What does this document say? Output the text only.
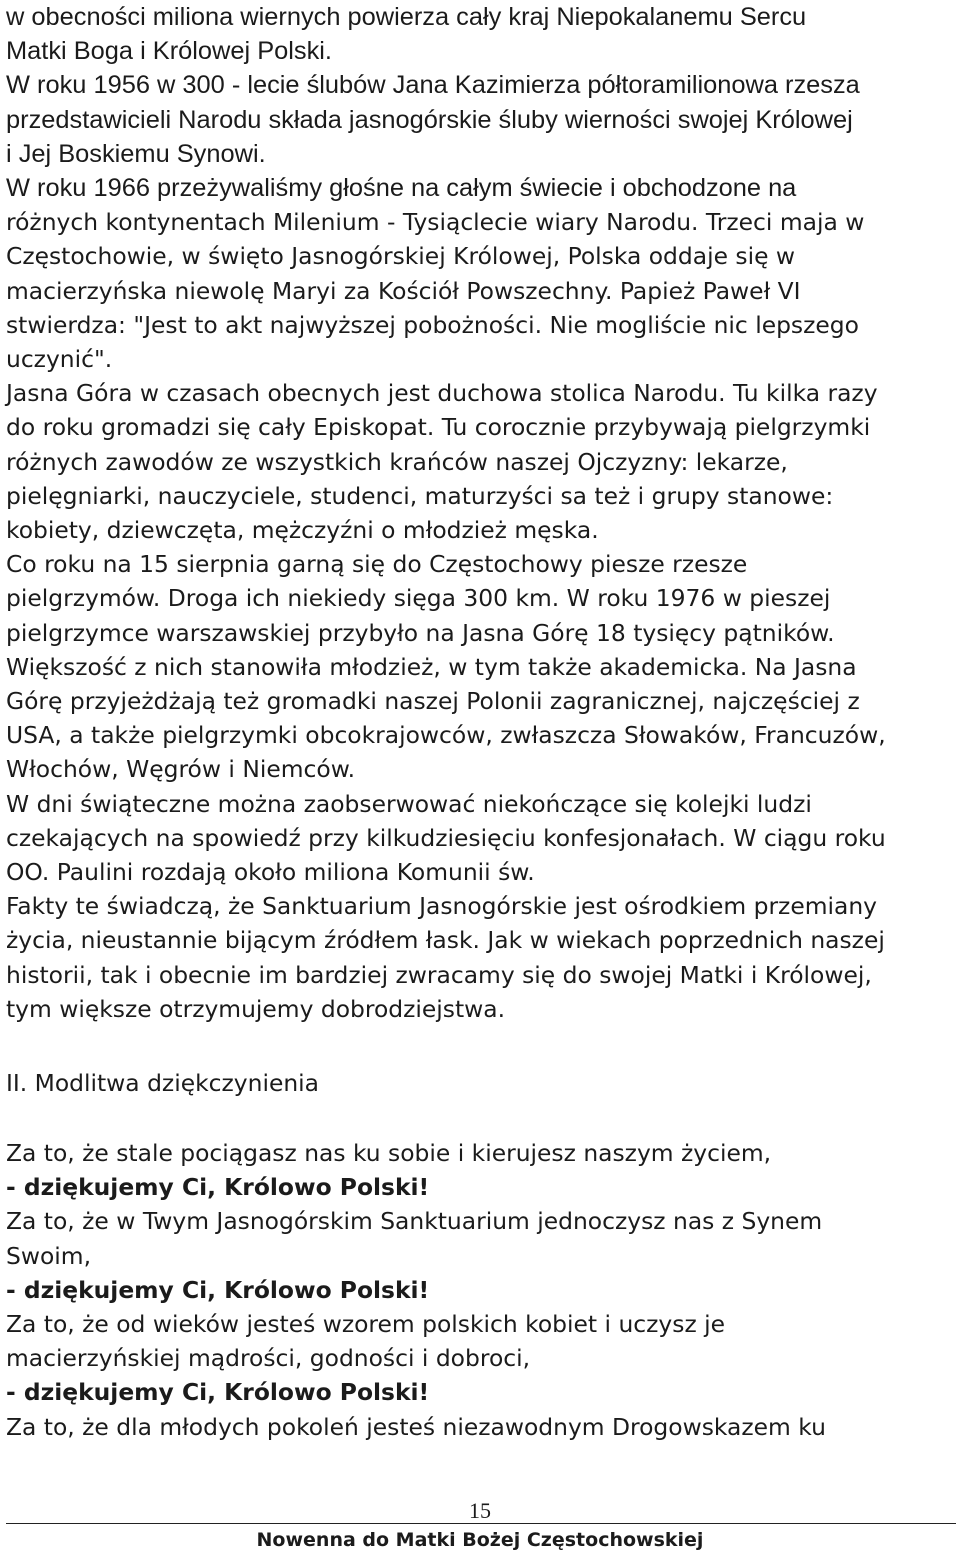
w obecności miliona wiernych powierza cały kraj Niepokalanemu Sercu
Matki Boga i Królowej Polski.
W roku 1956 w 300 - lecie ślubów Jana Kazimierza półtoramilionowa rzesza
przedstawicieli Narodu składa jasnogórskie śluby wierności swojej Królowej
i Jej Boskiemu Synowi.
W roku 1966 przeżywaliśmy głośne na całym świecie i obchodzone na
różnych kontynentach Milenium - Tysiąclecie wiary Narodu. Trzeci maja w
Częstochowie, w święto Jasnogórskiej Królowej, Polska oddaje się w
macierzyńska niewolę Maryi za Kościół Powszechny. Papież Paweł VI
stwierdza: "Jest to akt najwyższej pobożności. Nie mogliście nic lepszego
uczynić".
Jasna Góra w czasach obecnych jest duchowa stolica Narodu. Tu kilka razy
do roku gromadzi się cały Episkopat. Tu corocznie przybywają pielgrzymki
różnych zawodów ze wszystkich krańców naszej Ojczyzny: lekarze,
pielęgniarki, nauczyciele, studenci, maturzyści sa też i grupy stanowe:
kobiety, dziewczęta, mężczyźni o młodzież męska.
Co roku na 15 sierpnia garną się do Częstochowy piesze rzesze
pielgrzymów. Droga ich niekiedy sięga 300 km. W roku 1976 w pieszej
pielgrzymce warszawskiej przybyło na Jasna Górę 18 tysięcy pątników.
Większość z nich stanowiła młodzież, w tym także akademicka. Na Jasna
Górę przyjeżdżają też gromadki naszej Polonii zagranicznej, najczęściej z
USA, a także pielgrzymki obcokrajowców, zwłaszcza Słowaków, Francuzów,
Włochów, Węgrów i Niemców.
W dni świąteczne można zaobserwować niekończące się kolejki ludzi
czekających na spowiedź przy kilkudziesięciu konfesjonałach. W ciągu roku
OO. Paulini rozdają około miliona Komunii św.
Fakty te świadczą, że Sanktuarium Jasnogórskie jest ośrodkiem przemiany
życia, nieustannie bijącym źródłem łask. Jak w wiekach poprzednich naszej
historii, tak i obecnie im bardziej zwracamy się do swojej Matki i Królowej,
tym większe otrzymujemy dobrodziejstwa.
II. Modlitwa dziękczynienia
Za to, że stale pociągasz nas ku sobie i kierujesz naszym życiem,
- dziękujemy Ci, Królowo Polski!
Za to, że w Twym Jasnogórskim Sanktuarium jednoczysz nas z Synem
Swoim,
- dziękujemy Ci, Królowo Polski!
Za to, że od wieków jesteś wzorem polskich kobiet i uczysz je
macierzyńskiej mądrości, godności i dobroci,
- dziękujemy Ci, Królowo Polski!
Za to, że dla młodych pokoleń jesteś niezawodnym Drogowskazem ku
15
Nowenna do Matki Bożej Częstochowskiej
